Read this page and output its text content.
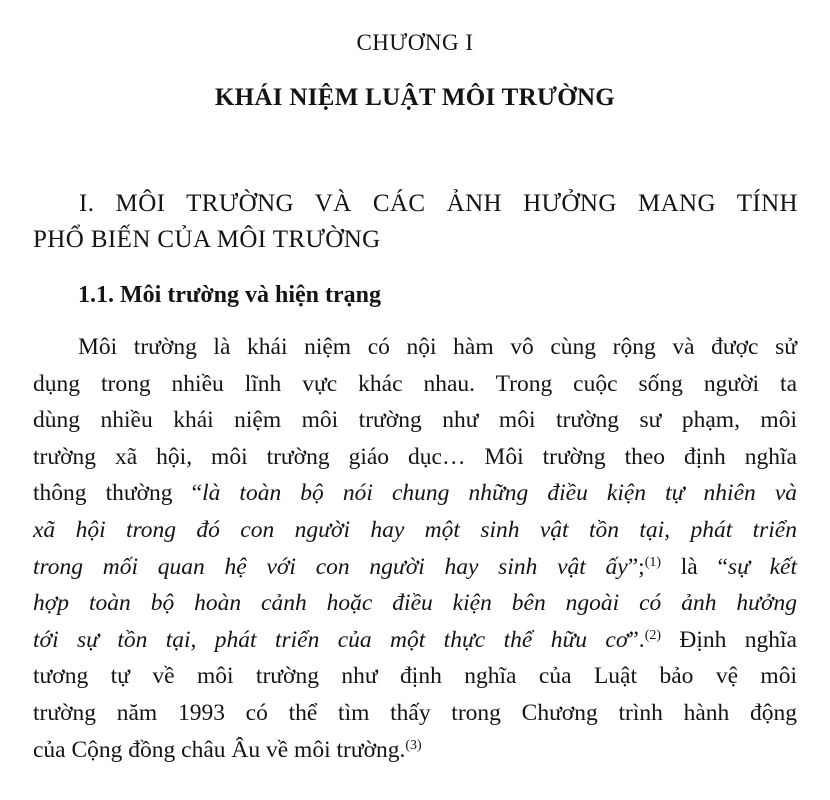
CHƯƠNG I
KHÁI NIỆM LUẬT MÔI TRƯỜNG
I. MÔI TRƯỜNG VÀ CÁC ẢNH HƯỞNG MANG TÍNH
PHỔ BIẾN CỦA MÔI TRƯỜNG
1.1. Môi trường và hiện trạng
Môi trường là khái niệm có nội hàm vô cùng rộng và được sử
dụng trong nhiều lĩnh vực khác nhau. Trong cuộc sống người ta
dùng nhiều khái niệm môi trường như môi trường sư phạm, môi
trường xã hội, môi trường giáo dục… Môi trường theo định nghĩa
thông thường “là toàn bộ nói chung những điều kiện tự nhiên và
xã hội trong đó con người hay một sinh vật tồn tại, phát triển
trong mối quan hệ với con người hay sinh vật ấy”;$^{(1)}$ là “sự kết
hợp toàn bộ hoàn cảnh hoặc điều kiện bên ngoài có ảnh hưởng
tới sự tồn tại, phát triển của một thực thể hữu cơ”.$^{(2)}$ Định nghĩa
tương tự về môi trường như định nghĩa của Luật bảo vệ môi
trường năm 1993 có thể tìm thấy trong Chương trình hành động
của Cộng đồng châu Âu về môi trường.$^{(3)}$
